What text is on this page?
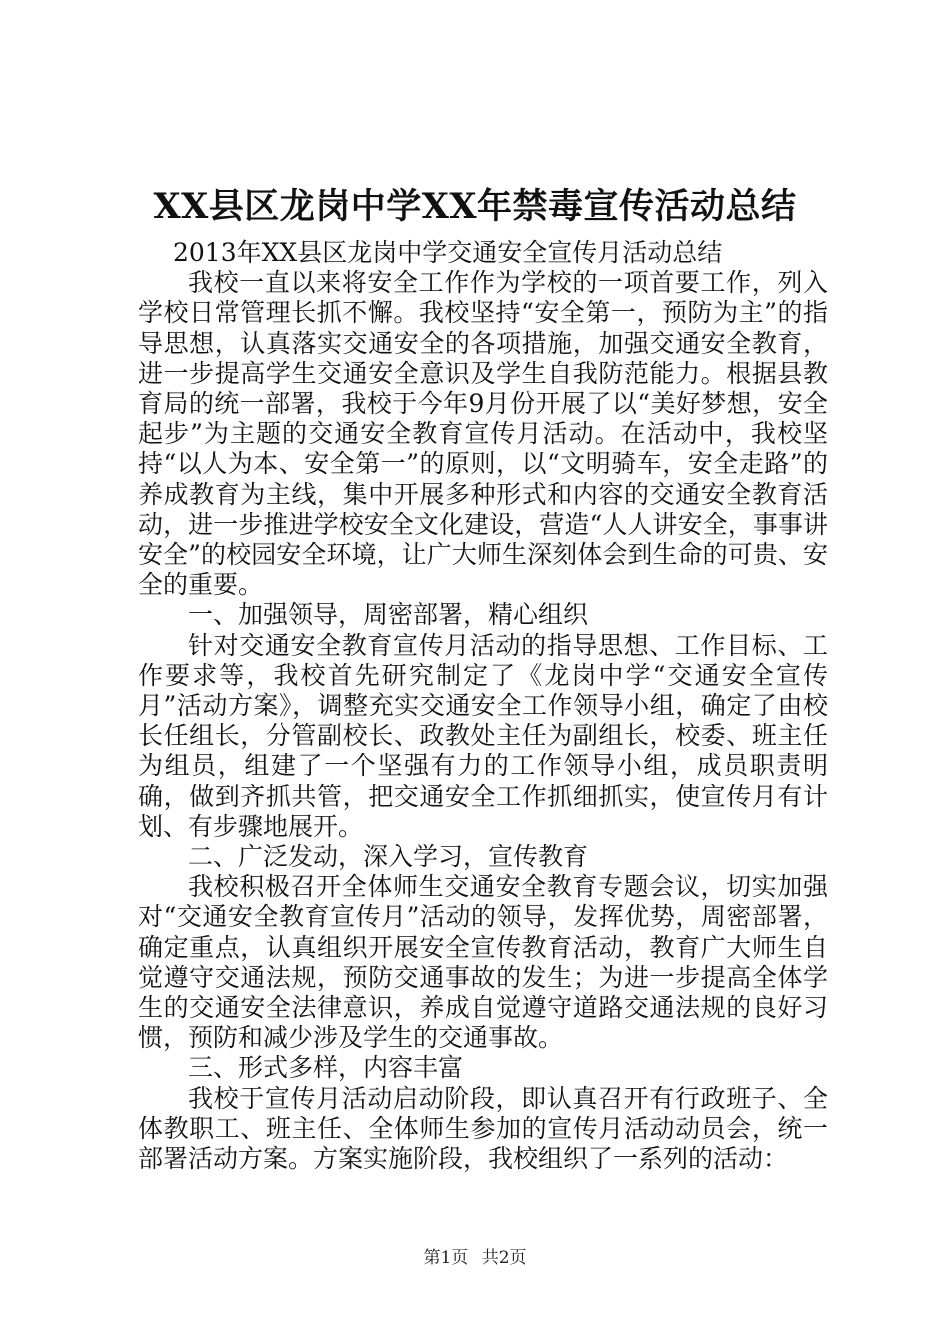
XX县区龙岗中学XX年禁毒宣传活动总结

2013年XX县区龙岗中学交通安全宣传月活动总结

我校一直以来将安全工作作为学校的一项首要工作，列入学校日常管理长抓不懈。我校坚持“安全第一，预防为主”的指导思想，认真落实交通安全的各项措施，加强交通安全教育，进一步提高学生交通安全意识及学生自我防范能力。根据县教育局的统一部署，我校于今年9月份开展了以“美好梦想，安全起步”为主题的交通安全教育宣传月活动。在活动中，我校坚持“以人为本、安全第一”的原则，以“文明骑车，安全走路”的养成教育为主线，集中开展多种形式和内容的交通安全教育活动，进一步推进学校安全文化建设，营造“人人讲安全，事事讲安全”的校园安全环境，让广大师生深刻体会到生命的可贵、安全的重要。

一、加强领导，周密部署，精心组织

针对交通安全教育宣传月活动的指导思想、工作目标、工作要求等，我校首先研究制定了《龙岗中学“交通安全宣传月”活动方案》，调整充实交通安全工作领导小组，确定了由校长任组长，分管副校长、政教处主任为副组长，校委、班主任为组员，组建了一个坚强有力的工作领导小组，成员职责明确，做到齐抓共管，把交通安全工作抓细抓实，使宣传月有计划、有步骤地展开。

二、广泛发动，深入学习，宣传教育

我校积极召开全体师生交通安全教育专题会议，切实加强对“交通安全教育宣传月”活动的领导，发挥优势，周密部署，确定重点，认真组织开展安全宣传教育活动，教育广大师生自觉遵守交通法规，预防交通事故的发生；为进一步提高全体学生的交通安全法律意识，养成自觉遵守道路交通法规的良好习惯，预防和减少涉及学生的交通事故。

三、形式多样，内容丰富

我校于宣传月活动启动阶段，即认真召开有行政班子、全体教职工、班主任、全体师生参加的宣传月活动动员会，统一部署活动方案。方案实施阶段，我校组织了一系列的活动：

第1页 共2页
